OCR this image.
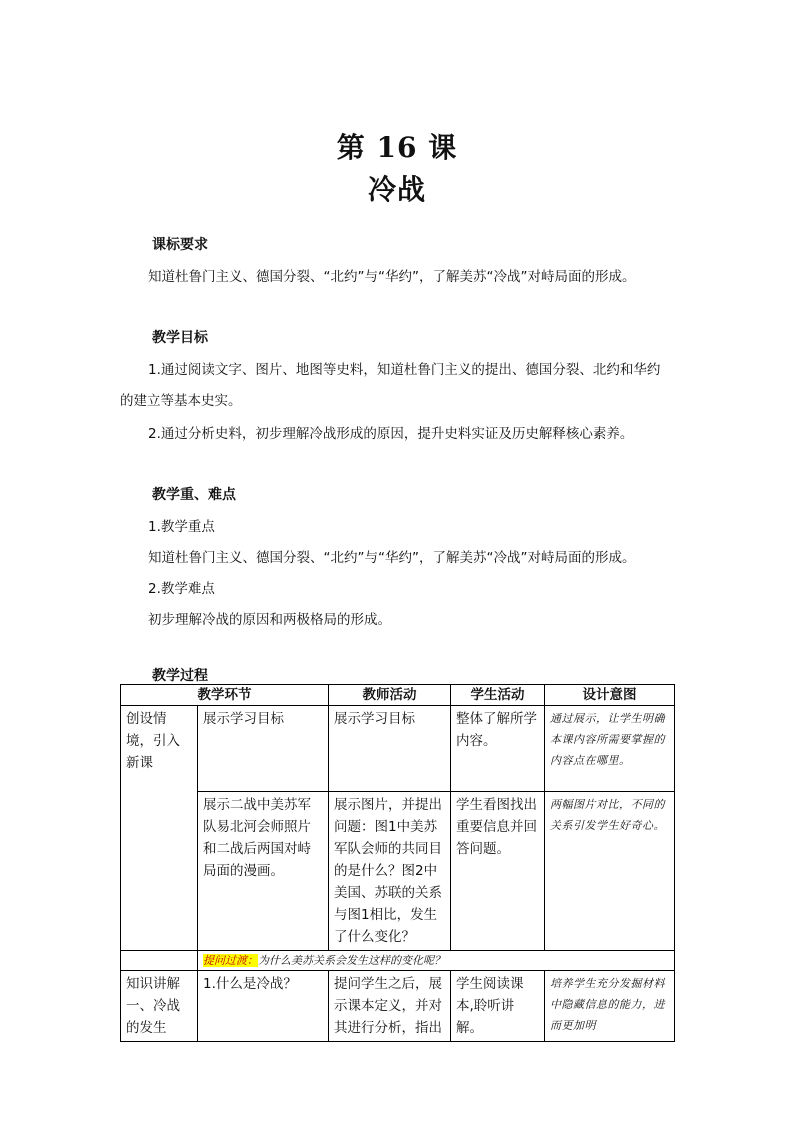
第 16 课
冷战
课标要求
知道杜鲁门主义、德国分裂、“北约”与“华约”，了解美苏“冷战”对峙局面的形成。
教学目标
1.通过阅读文字、图片、地图等史料，知道杜鲁门主义的提出、德国分裂、北约和华约
的建立等基本史实。
2.通过分析史料，初步理解冷战形成的原因，提升史料实证及历史解释核心素养。
教学重、难点
1.教学重点
知道杜鲁门主义、德国分裂、“北约”与“华约”，了解美苏“冷战”对峙局面的形成。
2.教学难点
初步理解冷战的原因和两极格局的形成。
教学过程
教学环节		教师活动	学生活动	设计意图
创设情境，引入新课	展示学习目标	展示学习目标	整体了解所学内容。	通过展示，让学生明确本课内容所需要掌握的内容点在哪里。
	展示二战中美苏军队易北河会师照片和二战后两国对峙局面的漫画。	展示图片，并提出问题：图1中美苏军队会师的共同目的是什么？图2中美国、苏联的关系与图1相比，发生了什么变化？	学生看图找出重要信息并回答问题。	两幅图片对比，不同的关系引发学生好奇心。
	提问过渡：为什么美苏关系会发生这样的变化呢？			
知识讲解一、冷战的发生	1.什么是冷战？	提问学生之后，展示课本定义，并对其进行分析，指出	学生阅读课本,聆听讲解。	培养学生充分发掘材料中隐藏信息的能力，进而更加明
